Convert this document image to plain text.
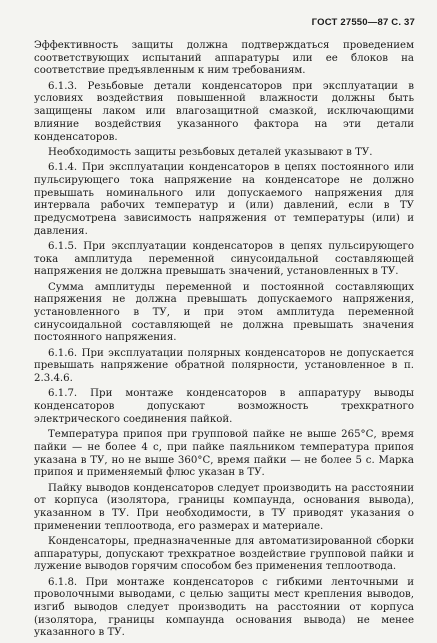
ГОСТ 27550—87 С. 37

Эффективность защиты должна подтверждаться проведением соответствующих испытаний аппаратуры или ее блоков на соответствие предъявленным к ним требованиям.

6.1.3. Резьбовые детали конденсаторов при эксплуатации в условиях воздействия повышенной влажности должны быть защищены лаком или влагозащитной смазкой, исключающими влияние воздействия указанного фактора на эти детали конденсаторов.

Необходимость защиты резьбовых деталей указывают в ТУ.

6.1.4. При эксплуатации конденсаторов в цепях постоянного или пульсирующего тока напряжение на конденсаторе не должно превышать номинального или допускаемого напряжения для интервала рабочих температур и (или) давлений, если в ТУ предусмотрена зависимость напряжения от температуры (или) и давления.

6.1.5. При эксплуатации конденсаторов в цепях пульсирующего тока амплитуда переменной синусоидальной составляющей напряжения не должна превышать значений, установленных в ТУ.

Сумма амплитуды переменной и постоянной составляющих напряжения не должна превышать допускаемого напряжения, установленного в ТУ, и при этом амплитуда переменной синусоидальной составляющей не должна превышать значения постоянного напряжения.

6.1.6. При эксплуатации полярных конденсаторов не допускается превышать напряжение обратной полярности, установленное в п. 2.3.4.6.

6.1.7. При монтаже конденсаторов в аппаратуру выводы конденсаторов допускают возможность трехкратного электрического соединения пайкой.

Температура припоя при групповой пайке не выше 265°С, время пайки — не более 4 с, при пайке паяльником температура припоя указана в ТУ, но не выше 360°С, время пайки — не более 5 с. Марка припоя и применяемый флюс указан в ТУ.

Пайку выводов конденсаторов следует производить на расстоянии от корпуса (изолятора, границы компаунда, основания вывода), указанном в ТУ. При необходимости, в ТУ приводят указания о применении теплоотвода, его размерах и материале.

Конденсаторы, предназначенные для автоматизированной сборки аппаратуры, допускают трехкратное воздействие групповой пайки и лужение выводов горячим способом без применения теплоотвода.

6.1.8. При монтаже конденсаторов с гибкими ленточными и проволочными выводами, с целью защиты мест крепления выводов, изгиб выводов следует производить на расстоянии от корпуса (изолятора, границы компаунда основания вывода) не менее указанного в ТУ.
